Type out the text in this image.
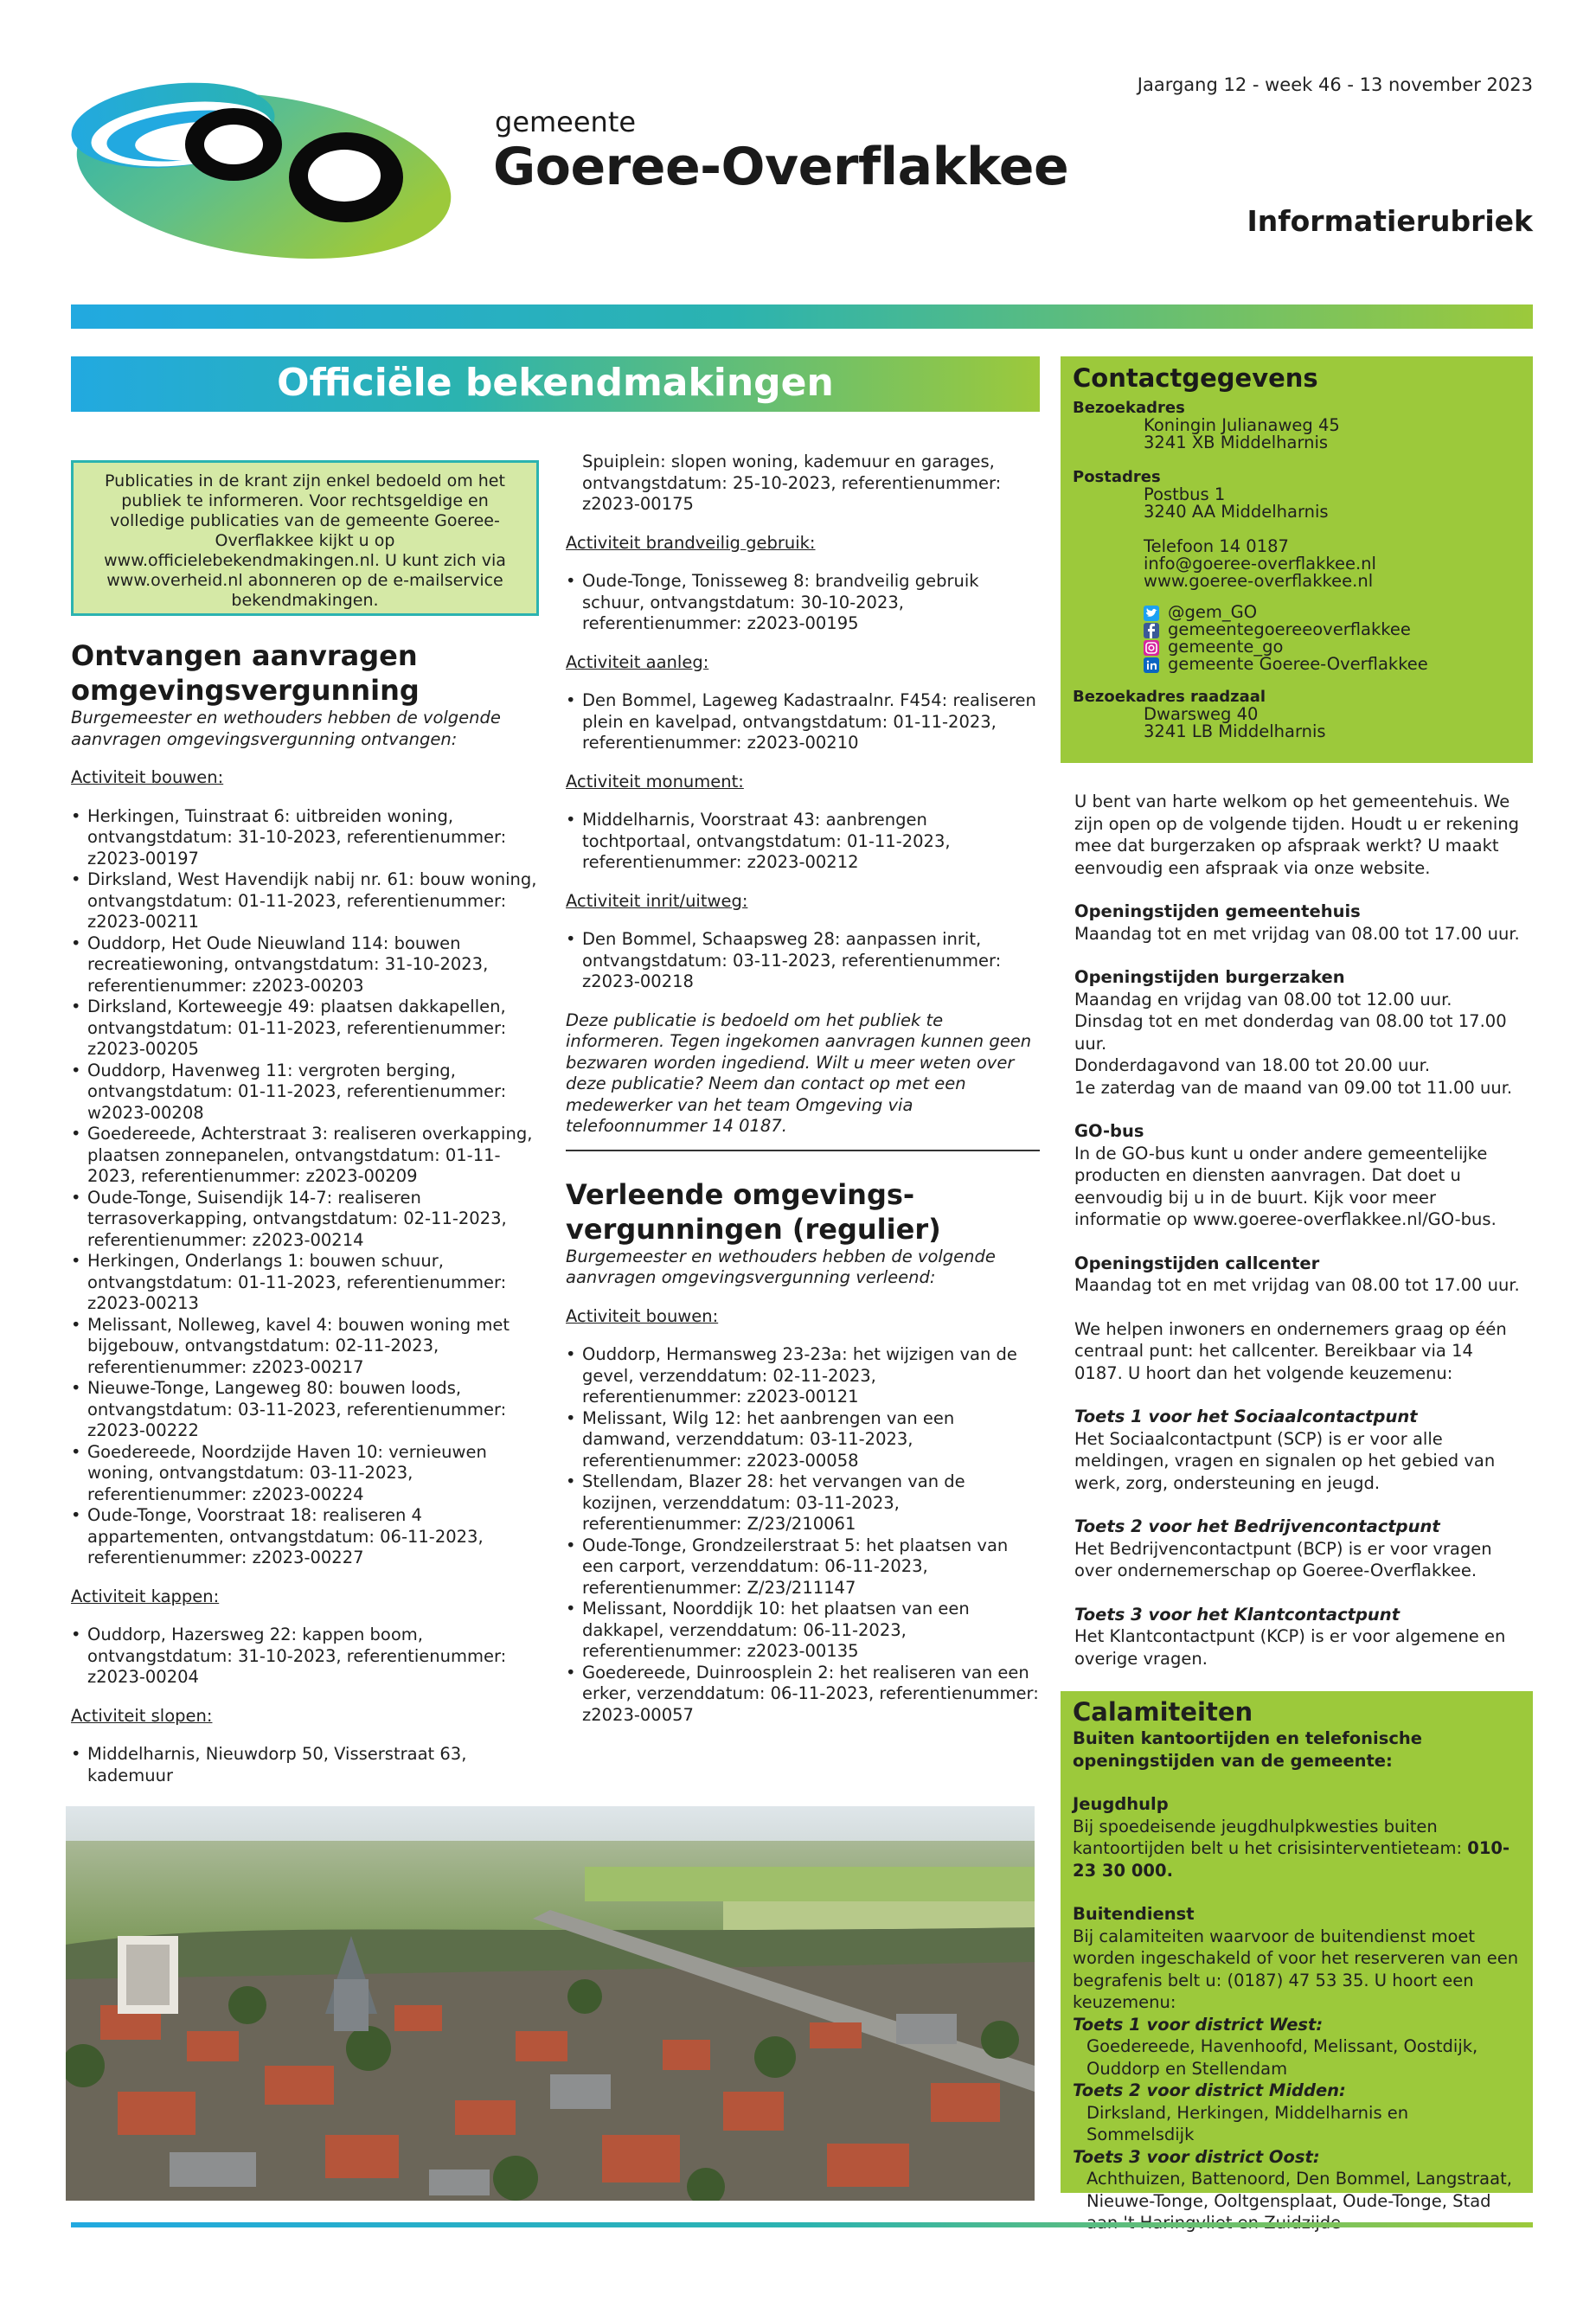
gemeente
Goeree-Overflakkee
Jaargang 12 - week 46 - 13 november 2023
Informatierubriek
Officiële bekendmakingen
Publicaties in de krant zijn enkel bedoeld om het publiek te informeren. Voor rechtsgeldige en volledige publicaties van de gemeente Goeree-Overflakkee kijkt u op www.officielebekendmakingen.nl. U kunt zich via www.overheid.nl abonneren op de e-mailservice bekendmakingen.

Ontvangen aanvragen omgevingsvergunning

Burgemeester en wethouders hebben de volgende aanvragen omgevingsvergunning ontvangen:

Activiteit bouwen:

• Herkingen, Tuinstraat 6: uitbreiden woning, ontvangstdatum: 31-10-2023, referentienummer: z2023-00197
• Dirksland, West Havendijk nabij nr. 61: bouw woning, ontvangstdatum: 01-11-2023, referentienummer: z2023-00211
• Ouddorp, Het Oude Nieuwland 114: bouwen recreatiewoning, ontvangstdatum: 31-10-2023, referentienummer: z2023-00203
• Dirksland, Korteweegje 49: plaatsen dakkapellen, ontvangstdatum: 01-11-2023, referentienummer: z2023-00205
• Ouddorp, Havenweg 11: vergroten berging, ontvangstdatum: 01-11-2023, referentienummer: w2023-00208
• Goedereede, Achterstraat 3: realiseren overkapping, plaatsen zonnepanelen, ontvangstdatum: 01-11-2023, referentienummer: z2023-00209
• Oude-Tonge, Suisendijk 14-7: realiseren terrasoverkapping, ontvangstdatum: 02-11-2023, referentienummer: z2023-00214
• Herkingen, Onderlangs 1: bouwen schuur, ontvangstdatum: 01-11-2023, referentienummer: z2023-00213
• Melissant, Nolleweg, kavel 4: bouwen woning met bijgebouw, ontvangstdatum: 02-11-2023, referentienummer: z2023-00217
• Nieuwe-Tonge, Langeweg 80: bouwen loods, ontvangstdatum: 03-11-2023, referentienummer: z2023-00222
• Goedereede, Noordzijde Haven 10: vernieuwen woning, ontvangstdatum: 03-11-2023, referentienummer: z2023-00224
• Oude-Tonge, Voorstraat 18: realiseren 4 appartementen, ontvangstdatum: 06-11-2023, referentienummer: z2023-00227

Activiteit kappen:

• Ouddorp, Hazersweg 22: kappen boom, ontvangstdatum: 31-10-2023, referentienummer: z2023-00204

Activiteit slopen:

• Middelharnis, Nieuwdorp 50, Visserstraat 63, kademuur

Spuiplein: slopen woning, kademuur en garages, ontvangstdatum: 25-10-2023, referentienummer: z2023-00175

Activiteit brandveilig gebruik:

• Oude-Tonge, Tonisseweg 8: brandveilig gebruik schuur, ontvangstdatum: 30-10-2023, referentienummer: z2023-00195

Activiteit aanleg:

• Den Bommel, Lageweg Kadastraalnr. F454: realiseren plein en kavelpad, ontvangstdatum: 01-11-2023, referentienummer: z2023-00210

Activiteit monument:

• Middelharnis, Voorstraat 43: aanbrengen tochtportaal, ontvangstdatum: 01-11-2023, referentienummer: z2023-00212

Activiteit inrit/uitweg:

• Den Bommel, Schaapsweg 28: aanpassen inrit, ontvangstdatum: 03-11-2023, referentienummer: z2023-00218

Deze publicatie is bedoeld om het publiek te informeren. Tegen ingekomen aanvragen kunnen geen bezwaren worden ingediend. Wilt u meer weten over deze publicatie? Neem dan contact op met een medewerker van het team Omgeving via telefoonnummer 14 0187.

Verleende omgevings- vergunningen (regulier)

Burgemeester en wethouders hebben de volgende aanvragen omgevingsvergunning verleend:

Activiteit bouwen:

• Ouddorp, Hermansweg 23-23a: het wijzigen van de gevel, verzenddatum: 02-11-2023, referentienummer: z2023-00121
• Melissant, Wilg 12: het aanbrengen van een damwand, verzenddatum: 03-11-2023, referentienummer: z2023-00058
• Stellendam, Blazer 28: het vervangen van de kozijnen, verzenddatum: 03-11-2023, referentienummer: Z/23/210061
• Oude-Tonge, Grondzeilerstraat 5: het plaatsen van een carport, verzenddatum: 06-11-2023, referentienummer: Z/23/211147
• Melissant, Noorddijk 10: het plaatsen van een dakkapel, verzenddatum: 06-11-2023, referentienummer: z2023-00135
• Goedereede, Duinroosplein 2: het realiseren van een erker, verzenddatum: 06-11-2023, referentienummer: z2023-00057
Contactgegevens
Bezoekadres
Koningin Julianaweg 45
3241 XB Middelharnis
Postadres
Postbus 1
3240 AA Middelharnis
Telefoon 14 0187
info@goeree-overflakkee.nl
www.goeree-overflakkee.nl
@gem_GO
gemeentegoereeoverflakkee
gemeente_go
gemeente Goeree-Overflakkee
Bezoekadres raadzaal
Dwarsweg 40
3241 LB Middelharnis

U bent van harte welkom op het gemeentehuis. We zijn open op de volgende tijden. Houdt u er rekening mee dat burgerzaken op afspraak werkt? U maakt eenvoudig een afspraak via onze website.

Openingstijden gemeentehuis

Maandag tot en met vrijdag van 08.00 tot 17.00 uur.

Openingstijden burgerzaken

Maandag en vrijdag van 08.00 tot 12.00 uur.

Dinsdag tot en met donderdag van 08.00 tot 17.00 uur.

Donderdagavond van 18.00 tot 20.00 uur.

1e zaterdag van de maand van 09.00 tot 11.00 uur.

GO-bus

In de GO-bus kunt u onder andere gemeentelijke producten en diensten aanvragen. Dat doet u eenvoudig bij u in de buurt. Kijk voor meer informatie op www.goeree-overflakkee.nl/GO-bus.

Openingstijden callcenter

Maandag tot en met vrijdag van 08.00 tot 17.00 uur.

We helpen inwoners en ondernemers graag op één centraal punt: het callcenter. Bereikbaar via 14 0187. U hoort dan het volgende keuzemenu:

Toets 1 voor het Sociaalcontactpunt

Het Sociaalcontactpunt (SCP) is er voor alle meldingen, vragen en signalen op het gebied van werk, zorg, ondersteuning en jeugd.

Toets 2 voor het Bedrijvencontactpunt

Het Bedrijvencontactpunt (BCP) is er voor vragen over ondernemerschap op Goeree-Overflakkee.

Toets 3 voor het Klantcontactpunt

Het Klantcontactpunt (KCP) is er voor algemene en overige vragen.

Calamiteiten

Buiten kantoortijden en telefonische openingstijden van de gemeente:

Jeugdhulp

Bij spoedeisende jeugdhulpkwesties buiten kantoortijden belt u het crisisinterventieteam: 010-23 30 000.

Buitendienst

Bij calamiteiten waarvoor de buitendienst moet worden ingeschakeld of voor het reserveren van een begrafenis belt u: (0187) 47 53 35. U hoort een keuzemenu:

Toets 1 voor district West:

Goedereede, Havenhoofd, Melissant, Oostdijk, Ouddorp en Stellendam

Toets 2 voor district Midden:

Dirksland, Herkingen, Middelharnis en Sommelsdijk

Toets 3 voor district Oost:

Achthuizen, Battenoord, Den Bommel, Langstraat, Nieuwe-Tonge, Ooltgensplaat, Oude-Tonge, Stad
